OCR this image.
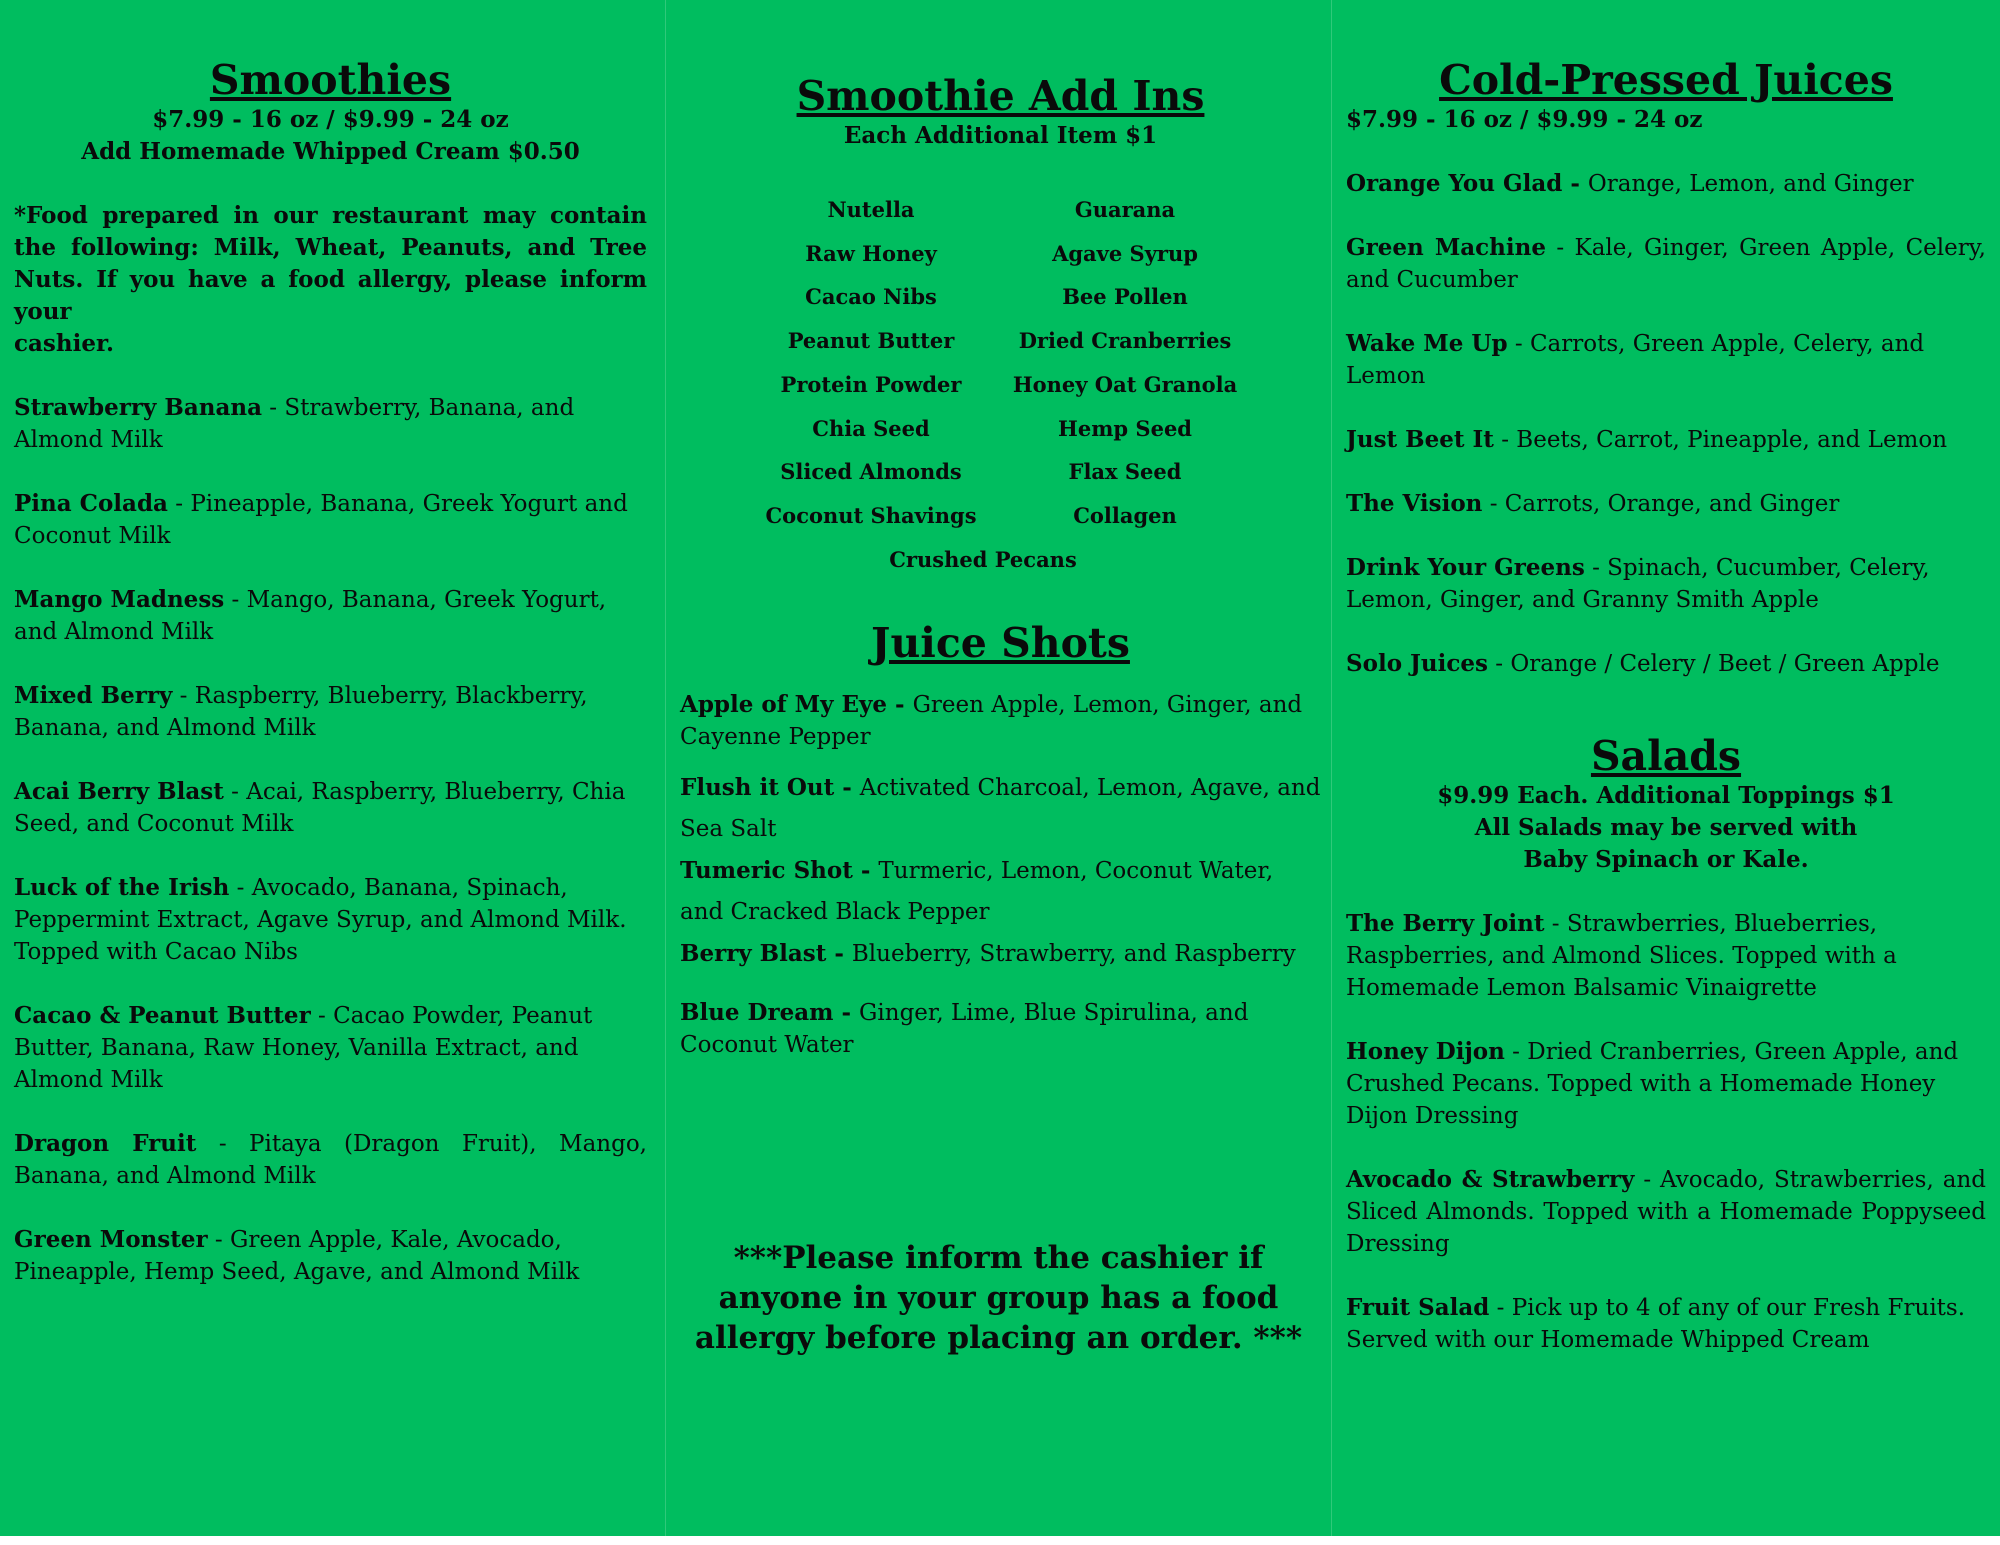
Smoothies
$7.99 - 16 oz / $9.99 - 24 oz
Add Homemade Whipped Cream $0.50
*Food prepared in our restaurant may contain the following: Milk, Wheat, Peanuts, and Tree Nuts. If you have a food allergy, please inform your
cashier.
Strawberry Banana - Strawberry, Banana, and Almond Milk
Pina Colada - Pineapple, Banana, Greek Yogurt and Coconut Milk
Mango Madness - Mango, Banana, Greek Yogurt, and Almond Milk
Mixed Berry - Raspberry, Blueberry, Blackberry, Banana, and Almond Milk
Acai Berry Blast - Acai, Raspberry, Blueberry, Chia Seed, and Coconut Milk
Luck of the Irish - Avocado, Banana, Spinach, Peppermint Extract, Agave Syrup, and Almond Milk. Topped with Cacao Nibs
Cacao & Peanut Butter - Cacao Powder, Peanut Butter, Banana, Raw Honey, Vanilla Extract, and Almond Milk
Dragon Fruit - Pitaya (Dragon Fruit), Mango, Banana, and Almond Milk
Green Monster - Green Apple, Kale, Avocado, Pineapple, Hemp Seed, Agave, and Almond Milk
Smoothie Add Ins
Each Additional Item $1
Nutella	Guarana
Raw Honey	Agave Syrup
Cacao Nibs	Bee Pollen
Peanut Butter	Dried Cranberries
Protein Powder	Honey Oat Granola
Chia Seed	Hemp Seed
Sliced Almonds	Flax Seed
Coconut Shavings	Collagen
Crushed Pecans
Juice Shots
Apple of My Eye - Green Apple, Lemon, Ginger, and Cayenne Pepper
Flush it Out - Activated Charcoal, Lemon, Agave, and Sea Salt
Tumeric Shot - Turmeric, Lemon, Coconut Water, and Cracked Black Pepper
Berry Blast - Blueberry, Strawberry, and Raspberry
Blue Dream - Ginger, Lime, Blue Spirulina, and Coconut Water
***Please inform the cashier if anyone in your group has a food allergy before placing an order. ***
Cold-Pressed Juices
$7.99 - 16 oz / $9.99 - 24 oz
Orange You Glad - Orange, Lemon, and Ginger
Green Machine - Kale, Ginger, Green Apple, Celery, and Cucumber
Wake Me Up - Carrots, Green Apple, Celery, and Lemon
Just Beet It - Beets, Carrot, Pineapple, and Lemon
The Vision - Carrots, Orange, and Ginger
Drink Your Greens - Spinach, Cucumber, Celery, Lemon, Ginger, and Granny Smith Apple
Solo Juices - Orange / Celery / Beet / Green Apple
Salads
$9.99 Each. Additional Toppings $1
All Salads may be served with
Baby Spinach or Kale.
The Berry Joint - Strawberries, Blueberries, Raspberries, and Almond Slices. Topped with a Homemade Lemon Balsamic Vinaigrette
Honey Dijon - Dried Cranberries, Green Apple, and Crushed Pecans. Topped with a Homemade Honey Dijon Dressing
Avocado & Strawberry - Avocado, Strawberries, and Sliced Almonds. Topped with a Homemade Poppyseed Dressing
Fruit Salad - Pick up to 4 of any of our Fresh Fruits. Served with our Homemade Whipped Cream
